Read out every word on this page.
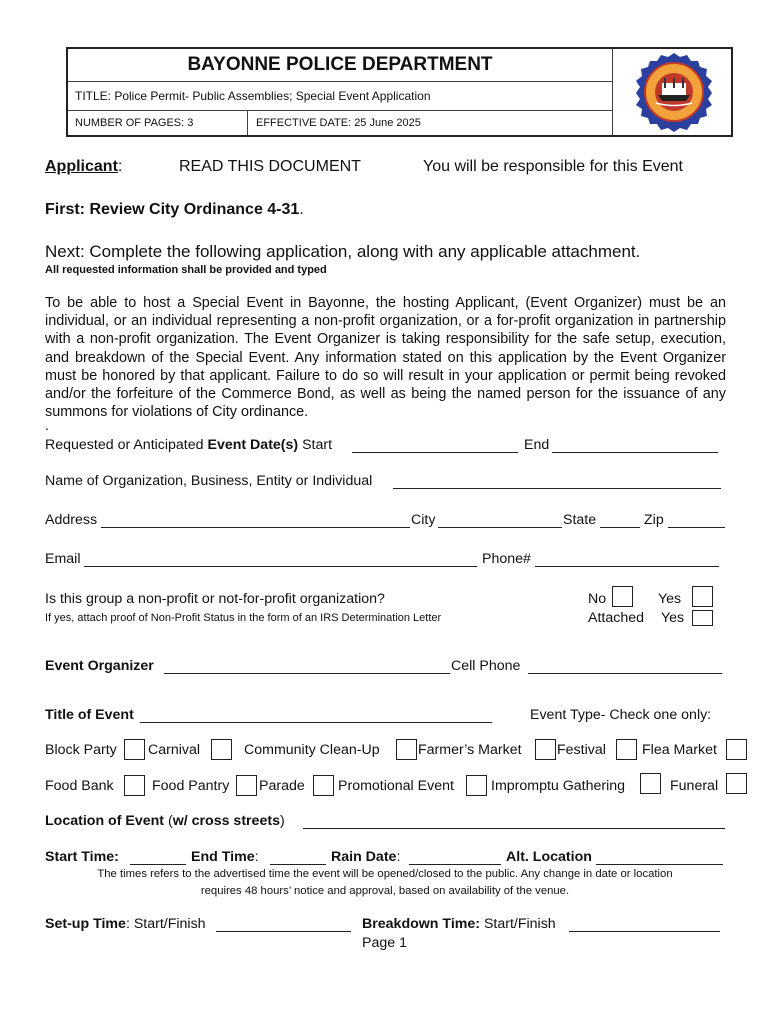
BAYONNE POLICE DEPARTMENT
TITLE: Police Permit- Public Assemblies; Special Event Application
NUMBER OF PAGES: 3	EFFECTIVE DATE: 25 June 2025
Applicant:	READ THIS DOCUMENT	You will be responsible for this Event
First: Review City Ordinance 4-31.
Next: Complete the following application, along with any applicable attachment.
All requested information shall be provided and typed
To be able to host a Special Event in Bayonne, the hosting Applicant, (Event Organizer) must be an individual, or an individual representing a non-profit organization, or a for-profit organization in partnership with a non-profit organization. The Event Organizer is taking responsibility for the safe setup, execution, and breakdown of the Special Event. Any information stated on this application by the Event Organizer must be honored by that applicant. Failure to do so will result in your application or permit being revoked and/or the forfeiture of the Commerce Bond, as well as being the named person for the issuance of any summons for violations of City ordinance.
.
Requested or Anticipated Event Date(s) Start	End
Name of Organization, Business, Entity or Individual
Address	City	State	Zip
Email	Phone#
Is this group a non-profit or not-for-profit organization?
If yes, attach proof of Non-Profit Status in the form of an IRS Determination Letter
No	Yes
Attached Yes
Event Organizer	Cell Phone
Title of Event	Event Type- Check one only:
Block Party Carnival	Community Clean-Up	Farmer’s Market Festival	Flea Market
Food Bank	Food Pantry Parade Promotional Event	Impromptu Gathering	Funeral
Location of Event (w/ cross streets)
Start Time:	End Time:	Rain Date:	Alt. Location
The times refers to the advertised time the event will be opened/closed to the public. Any change in date or location
requires 48 hours’ notice and approval, based on availability of the venue.
Set-up Time: Start/Finish	Breakdown Time: Start/Finish
Page 1
